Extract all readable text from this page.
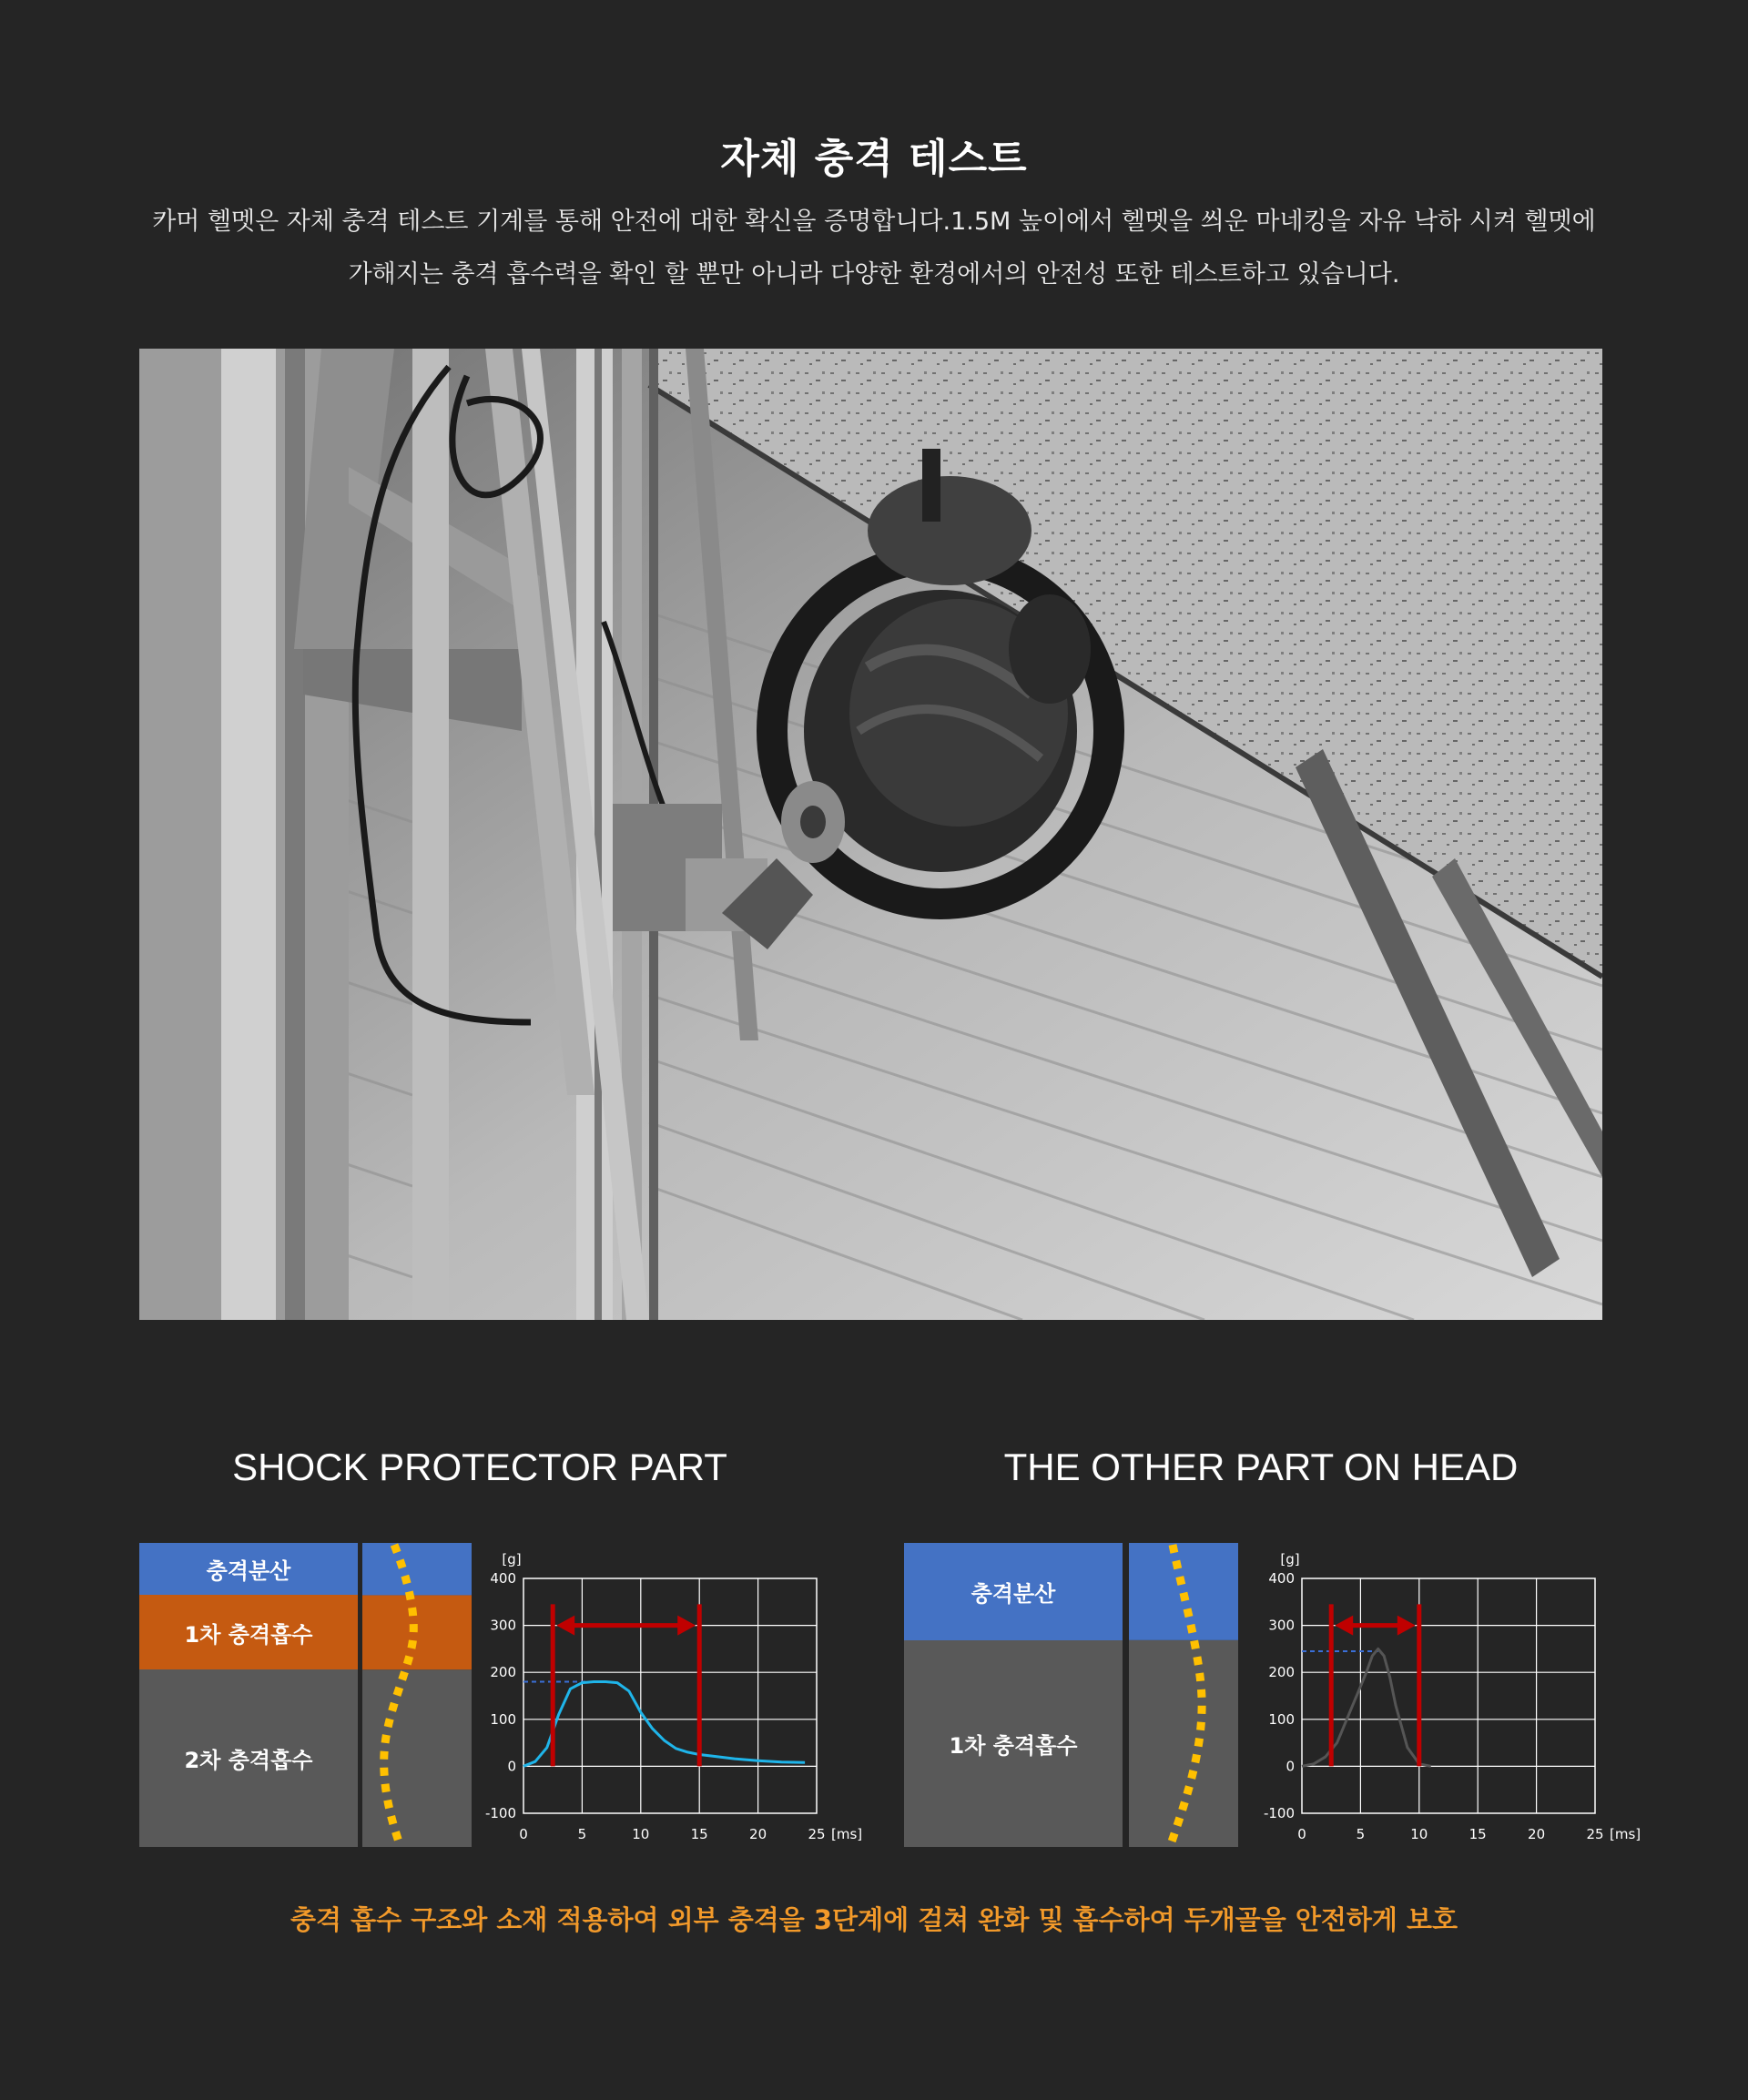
자체 충격 테스트

카머 헬멧은 자체 충격 테스트 기계를 통해 안전에 대한 확신을 증명합니다.1.5M 높이에서 헬멧을 씌운 마네킹을 자유 낙하 시켜 헬멧에

가해지는 충격 흡수력을 확인 할 뿐만 아니라 다양한 환경에서의 안전성 또한 테스트하고 있습니다.

SHOCK PROTECTOR PART
충격분산
1차 충격흡수
2차 충격흡수
[g]
400
300
200
100
0
-100
0	5	10	15	20	25 [ms]
THE OTHER PART ON HEAD
충격분산
1차 충격흡수
[g]
400
300
200
100
0
-100
0	5	10	15	20	25 [ms]
충격 흡수 구조와 소재 적용하여 외부 충격을 3단계에 걸쳐 완화 및 흡수하여 두개골을 안전하게 보호
